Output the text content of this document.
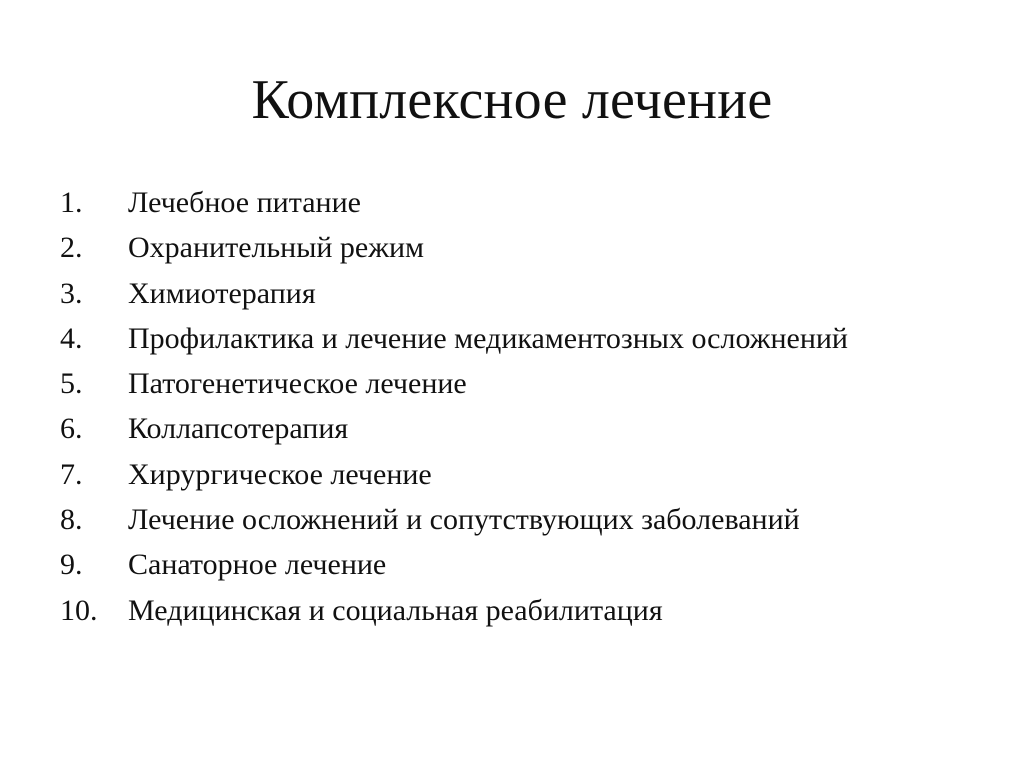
Комплексное лечение
1. Лечебное питание
2. Охранительный режим
3. Химиотерапия
4. Профилактика и лечение медикаментозных осложнений
5. Патогенетическое лечение
6. Коллапсотерапия
7. Хирургическое лечение
8. Лечение осложнений и сопутствующих заболеваний
9. Санаторное лечение
10. Медицинская и социальная реабилитация
